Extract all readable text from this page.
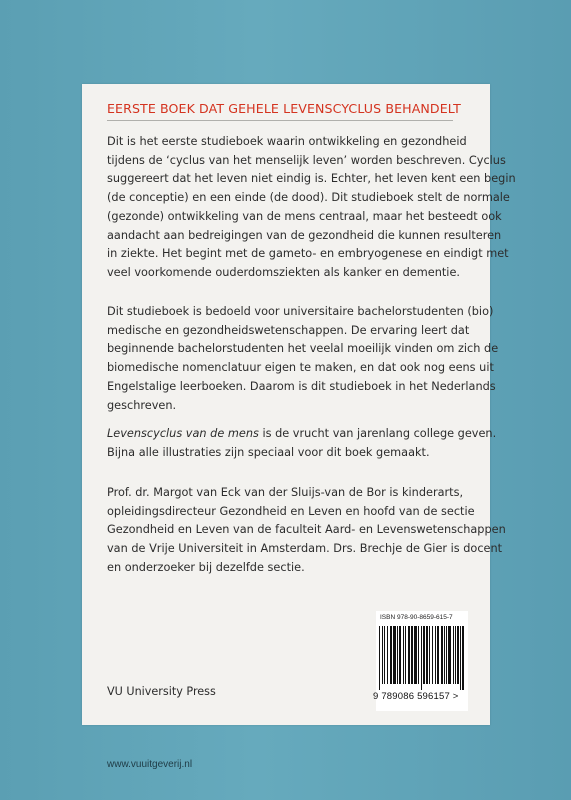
EERSTE BOEK DAT GEHELE LEVENSCYCLUS BEHANDELT

Dit is het eerste studieboek waarin ontwikkeling en gezondheid
tijdens de ‘cyclus van het menselijk leven’ worden beschreven. Cyclus
suggereert dat het leven niet eindig is. Echter, het leven kent een begin
(de conceptie) en een einde (de dood). Dit studieboek stelt de normale
(gezonde) ontwikkeling van de mens centraal, maar het besteedt ook
aandacht aan bedreigingen van de gezondheid die kunnen resulteren
in ziekte. Het begint met de gameto- en embryogenese en eindigt met
veel voorkomende ouderdomsziekten als kanker en dementie.

Dit studieboek is bedoeld voor universitaire bachelorstudenten (bio)
medische en gezondheidswetenschappen. De ervaring leert dat
beginnende bachelorstudenten het veelal moeilijk vinden om zich de
biomedische nomenclatuur eigen te maken, en dat ook nog eens uit
Engelstalige leerboeken. Daarom is dit studieboek in het Nederlands
geschreven.

Levenscyclus van de mens is de vrucht van jarenlang college geven.
Bijna alle illustraties zijn speciaal voor dit boek gemaakt.

Prof. dr. Margot van Eck van der Sluijs-van de Bor is kinderarts,
opleidingsdirecteur Gezondheid en Leven en hoofd van de sectie
Gezondheid en Leven van de faculteit Aard- en Levenswetenschappen
van de Vrije Universiteit in Amsterdam. Drs. Brechje de Gier is docent
en onderzoeker bij dezelfde sectie.

ISBN 978-90-8659-615-7
9 789086 596157 >
VU University Press
www.vuuitgeverij.nl
